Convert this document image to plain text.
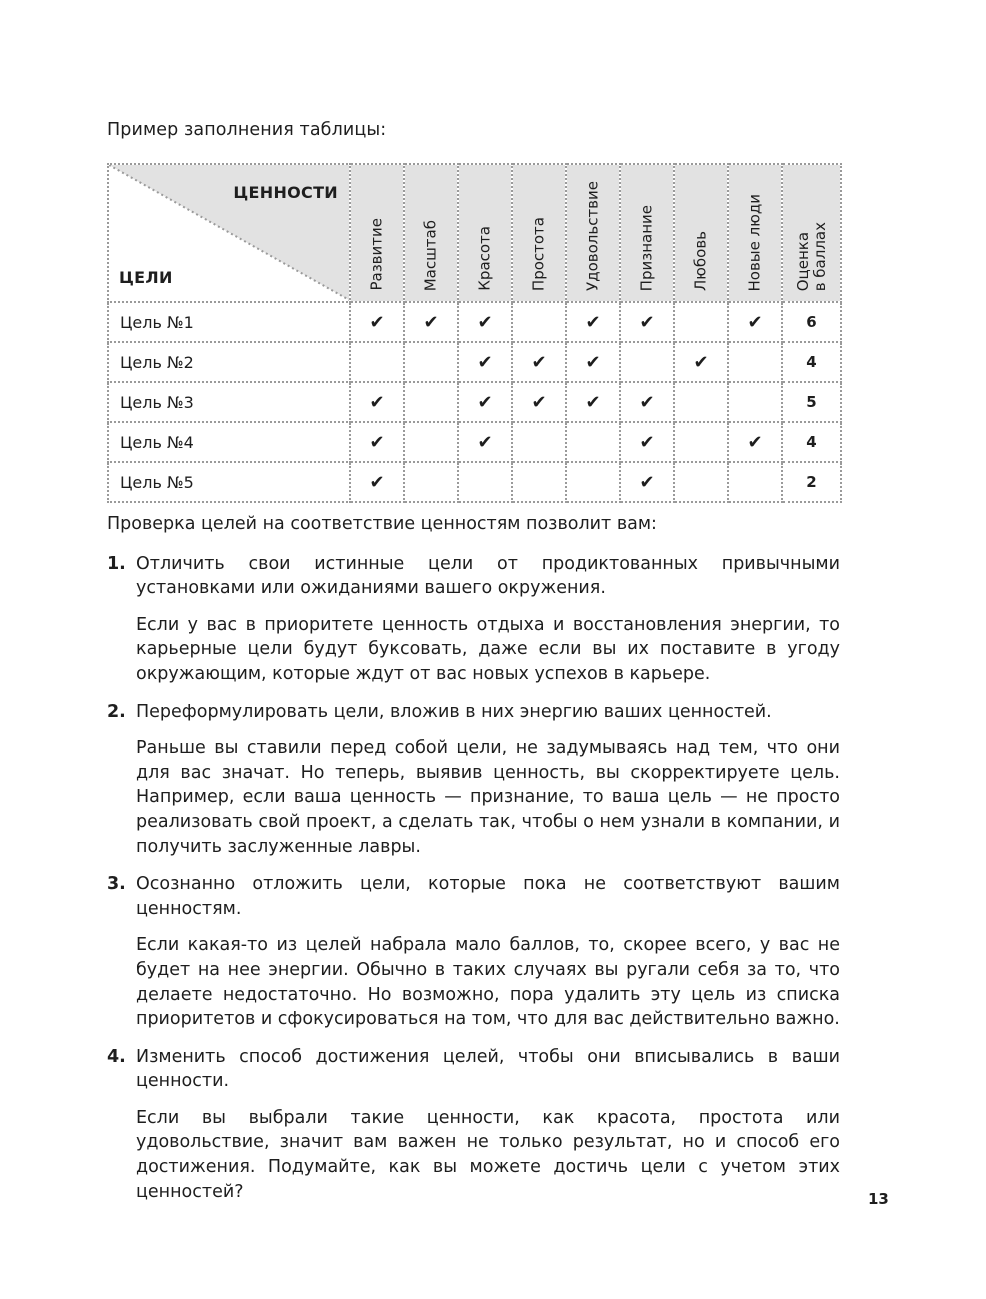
Пример заполнения таблицы:

ЦЕННОСТИ
ЦЕЛИ	Развитие	Масштаб	Красота	Простота	Удовольствие	Признание	Любовь	Новые люди	Оценка
в баллах

Цель №1	✔	✔	✔		✔	✔		✔	6
Цель №2			✔	✔	✔		✔		4
Цель №3	✔		✔	✔	✔	✔			5
Цель №4	✔		✔			✔		✔	4
Цель №5	✔					✔			2

Проверка целей на соответствие ценностям позволит вам:

1. Отличить свои истинные цели от продиктованных привычными установками или ожиданиями вашего окружения.

Если у вас в приоритете ценность отдыха и восстановления энергии, то карьерные цели будут буксовать, даже если вы их поставите в угоду окружающим, которые ждут от вас новых успехов в карьере.

2. Переформулировать цели, вложив в них энергию ваших ценностей.

Раньше вы ставили перед собой цели, не задумываясь над тем, что они для вас значат. Но теперь, выявив ценность, вы скорректируете цель. Например, если ваша ценность — признание, то ваша цель — не просто реализовать свой проект, а сделать так, чтобы о нем узнали в компании, и получить заслуженные лавры.

3. Осознанно отложить цели, которые пока не соответствуют вашим ценностям.

Если какая-то из целей набрала мало баллов, то, скорее всего, у вас не будет на нее энергии. Обычно в таких случаях вы ругали себя за то, что делаете недостаточно. Но возможно, пора удалить эту цель из списка приоритетов и сфокусироваться на том, что для вас действительно важно.

4. Изменить способ достижения целей, чтобы они вписывались в ваши ценности.

Если вы выбрали такие ценности, как красота, простота или удовольствие, значит вам важен не только результат, но и способ его достижения. Подумайте, как вы можете достичь цели с учетом этих ценностей?	13
